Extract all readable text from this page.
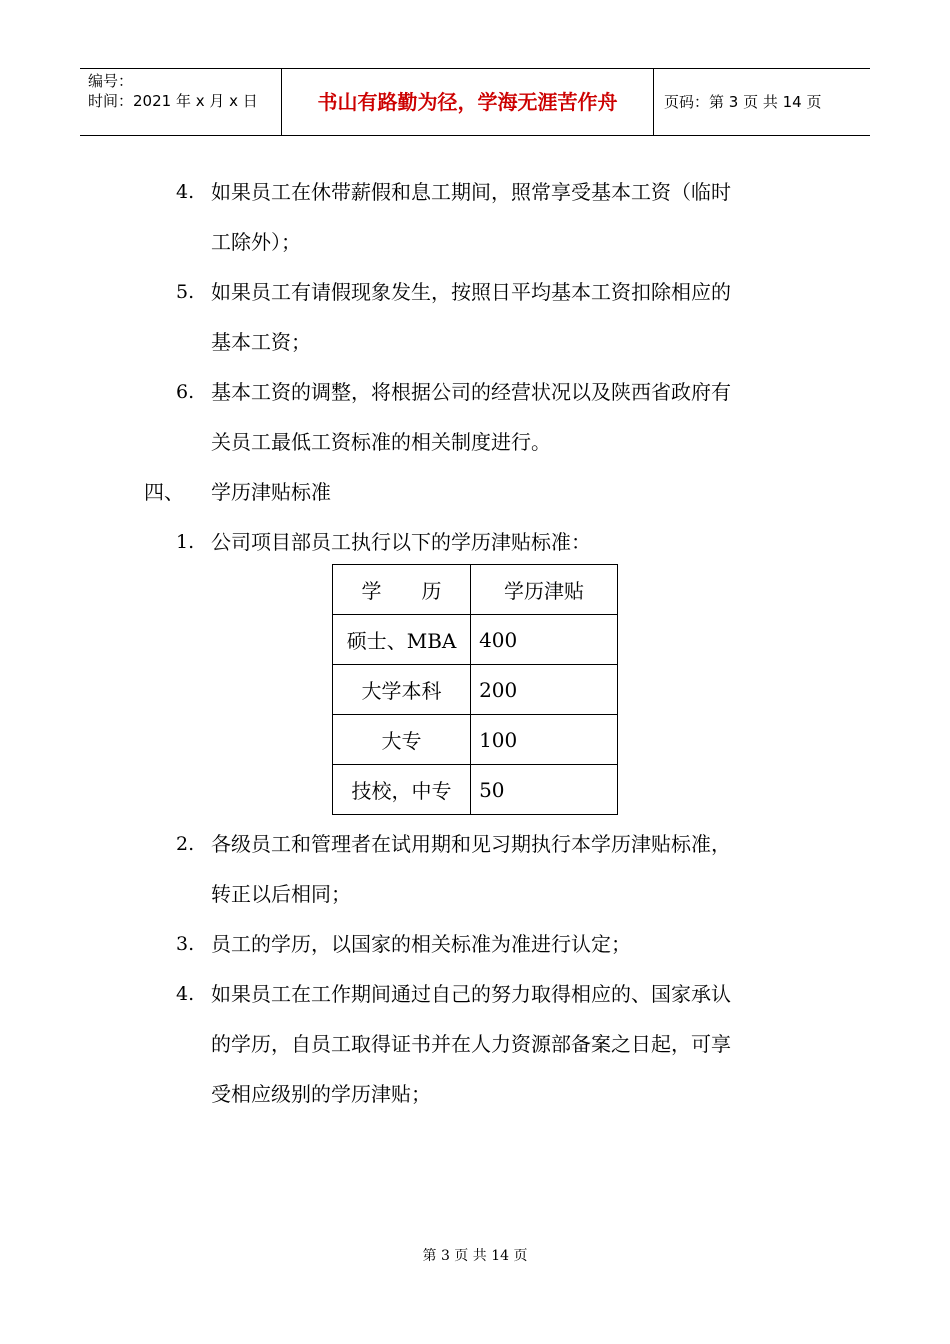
编号：
时间：2021 年 x 月 x 日	书山有路勤为径，学海无涯苦作舟	页码：第 3 页 共 14 页
4. 如果员工在休带薪假和息工期间，照常享受基本工资（临时
工除外）；
5. 如果员工有请假现象发生，按照日平均基本工资扣除相应的
基本工资；
6. 基本工资的调整，将根据公司的经营状况以及陕西省政府有
关员工最低工资标准的相关制度进行。
四、 学历津贴标准
1. 公司项目部员工执行以下的学历津贴标准：
学　　历	学历津贴
硕士、MBA	400
大学本科	200
大专	100
技校，中专	50
2. 各级员工和管理者在试用期和见习期执行本学历津贴标准，
转正以后相同；
3. 员工的学历，以国家的相关标准为准进行认定；
4. 如果员工在工作期间通过自己的努力取得相应的、国家承认
的学历，自员工取得证书并在人力资源部备案之日起，可享
受相应级别的学历津贴；
第 3 页 共 14 页
